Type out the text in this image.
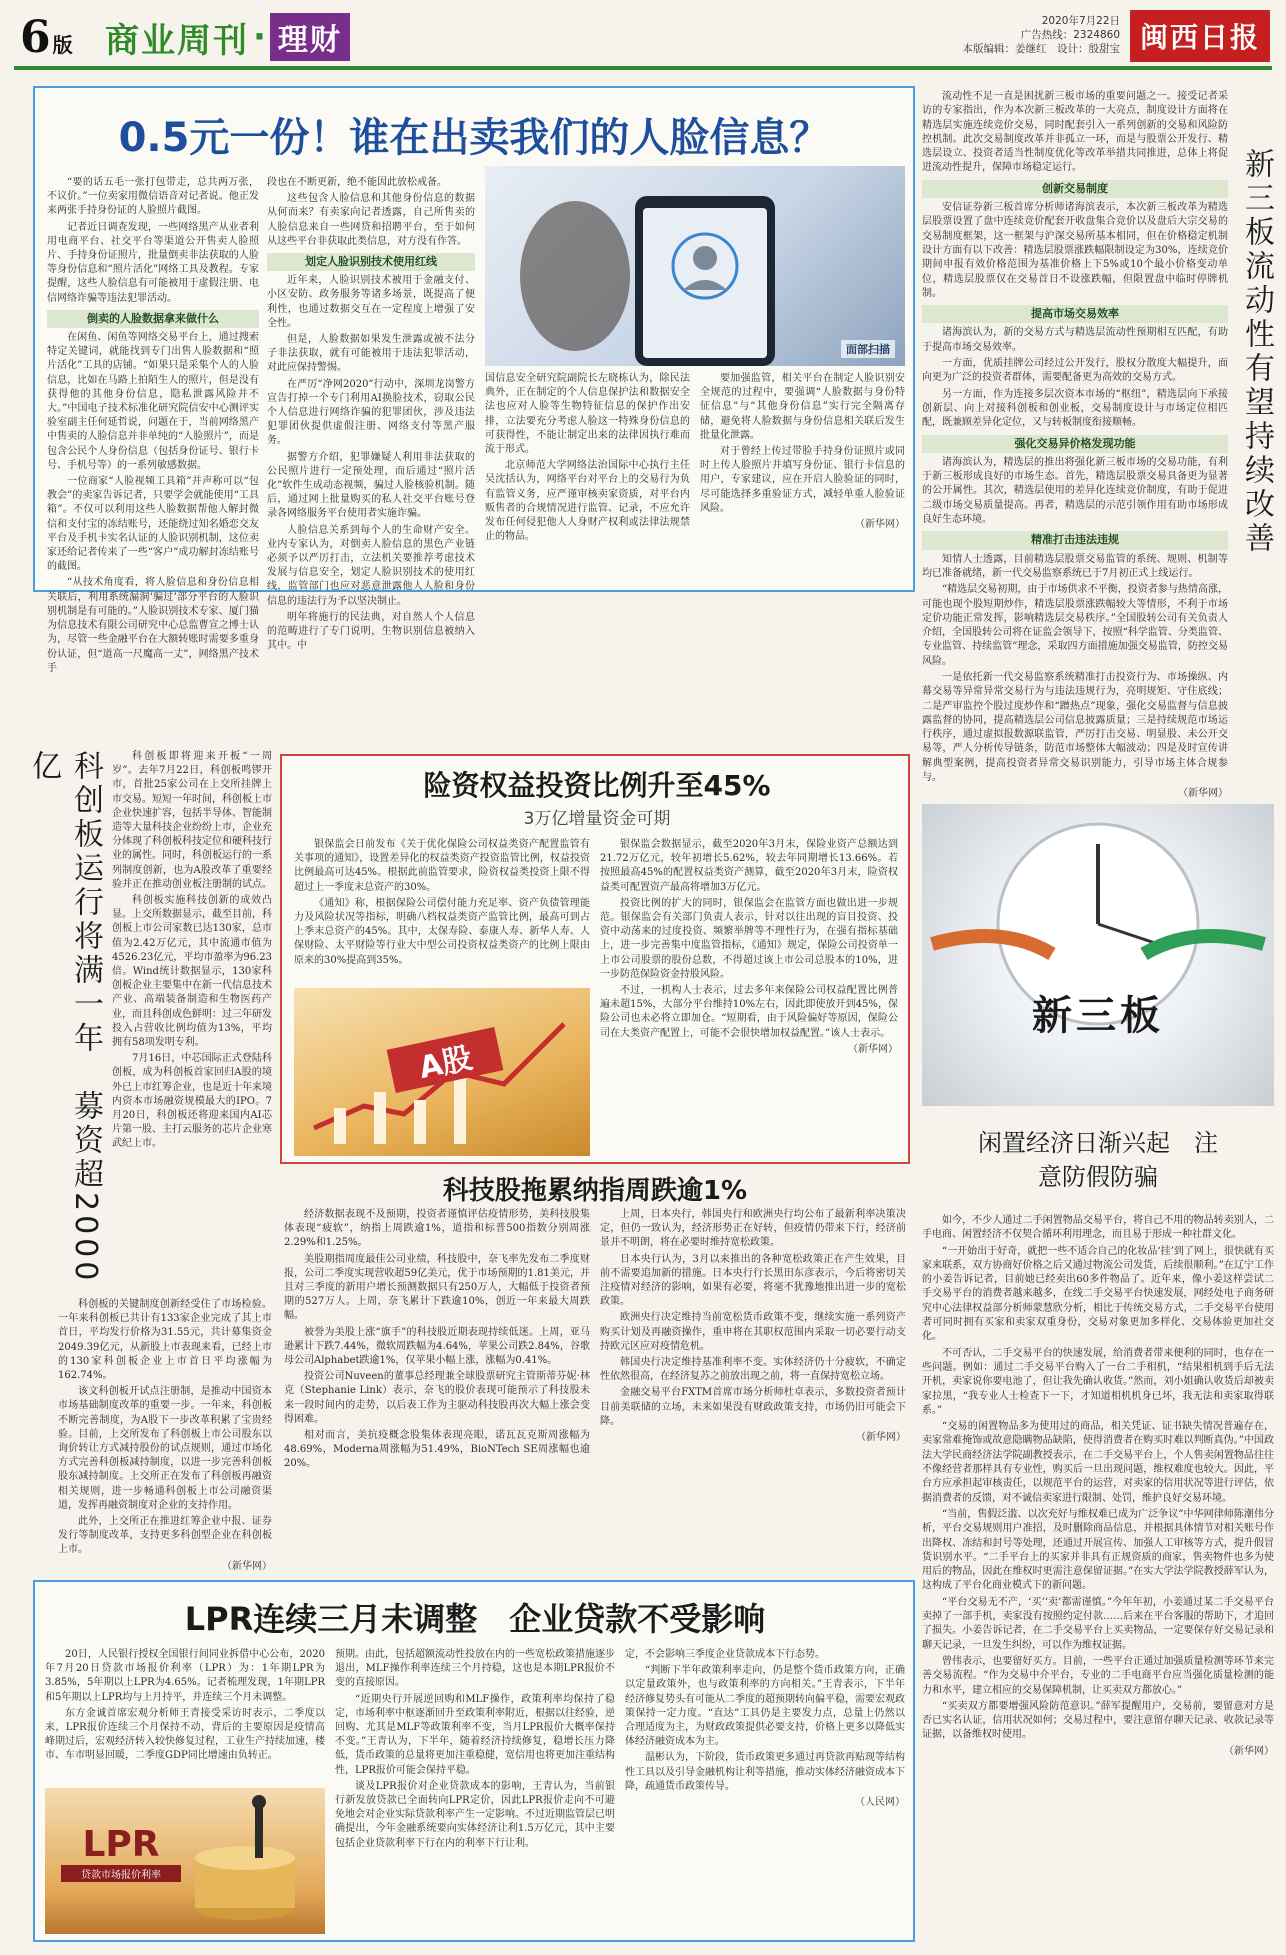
6 版 商业周刊 · 理财
2020年7月22日
广告热线：2324860
本版编辑：姜继红　设计：殷甜宝 闽西日报
0.5元一份！谁在出卖我们的人脸信息？

“要的话五毛一张打包带走，总共两万张，不议价。”一位卖家用微信语音对记者说。他正发来两张手持身份证的人脸照片截图。

记者近日调查发现，一些网络黑产从业者利用电商平台、社交平台等渠道公开售卖人脸照片、手持身份证照片，批量倒卖非法获取的人脸等身份信息和“照片活化”网络工具及教程。专家提醒，这些人脸信息有可能被用于虚假注册、电信网络诈骗等违法犯罪活动。

倒卖的人脸数据拿来做什么

在闲鱼、闲鱼等网络交易平台上，通过搜索特定关键词，就能找到专门出售人脸数据和“照片活化”工具的店铺。“如果只是采集个人的人脸信息，比如在马路上拍陌生人的照片，但是没有获得他的其他身份信息，隐私泄露风险并不大。”中国电子技术标准化研究院信安中心测评实验室副主任何延哲说，问题在于，当前网络黑产中售卖的人脸信息并非单纯的“人脸照片”，而是包含公民个人身份信息（包括身份证号、银行卡号、手机号等）的一系列敏感数据。

一位商家“人脸视频工具箱”并声称可以“包教会”的卖家告诉记者，只要学会就能使用“工具箱”。不仅可以利用这些人脸数据帮他人解封微信和支付宝的冻结账号，还能绕过知名婚恋交友平台及手机卡实名认证的人脸识别机制，这位卖家还给记者传来了一些“客户”成功解封冻结账号的截图。

“从技术角度看，将人脸信息和身份信息相关联后，利用系统漏洞‘骗过’部分平台的人脸识别机制是有可能的。”人脸识别技术专家、厦门猫为信息技术有限公司研究中心总监曹宣之博士认为，尽管一些金融平台在大额转账时需要多重身份认证，但“道高一尺魔高一丈”，网络黑产技术手

段也在不断更新，绝不能因此放松戒备。

这些包含人脸信息和其他身份信息的数据从何而来？有卖家向记者透露，自己所售卖的人脸信息来自一些网贷和招聘平台，至于如何从这些平台非获取此类信息，对方没有作答。

划定人脸识别技术使用红线

近年来，人脸识别技术被用于金融支付、小区安防、政务服务等诸多场景，既提高了便利性，也通过数据交互在一定程度上增强了安全性。

但是，人脸数据如果发生泄露或被不法分子非法获取，就有可能被用于违法犯罪活动，对此应保持警惕。

在严厉“净网2020”行动中，深圳龙岗警方宣告打掉一个专门利用AI换脸技术，窃取公民个人信息进行网络诈骗的犯罪团伙，涉及违法犯罪团伙提供虚假注册、网络支付等黑产服务。

据警方介绍，犯罪嫌疑人利用非法获取的公民照片进行一定预处理，而后通过“照片活化”软件生成动态视频，骗过人脸核验机制。随后，通过网上批量购买的私人社交平台账号登录各网络服务平台使用者实施诈骗。

人脸信息关系到每个人的生命财产安全。业内专家认为，对倒卖人脸信息的黑色产业链必须予以严厉打击，立法机关要推荐考虑技术发展与信息安全，划定人脸识别技术的使用红线，监管部门也应对恶意泄露他人人脸和身份信息的违法行为予以坚决制止。

明年将施行的民法典，对自然人个人信息的范畴进行了专门说明，生物识别信息被纳入其中。中

面部扫描

国信息安全研究院副院长左晓栋认为，除民法典外，正在制定的个人信息保护法和数据安全法也应对人脸等生物特征信息的保护作出安排，立法要充分考虑人脸这一特殊身份信息的可获得性，不能让制定出来的法律因执行难而流于形式。

北京师范大学网络法治国际中心执行主任吴沈括认为，网络平台对平台上的交易行为负有监管义务，应严谨审核卖家资质，对平台内贩售者的合规情况进行监管、记录，不应允许发布任何侵犯他人人身财产权利或法律法规禁止的物品。

要加强监管，相关平台在制定人脸识别安全规范的过程中，要强调“人脸数据与身份特征信息”与“其他身份信息”实行完全隔离存储，避免将人脸数据与身份信息相关联后发生批量化泄露。

对于曾经上传过带脸手持身份证照片或同时上传人脸照片并填写身份证、银行卡信息的用户，专家建议，应在开启人脸验证的同时，尽可能选择多重验证方式，减轻单重人脸验证风险。

（新华网）

流动性不足一直是困扰新三板市场的重要问题之一。接受记者采访的专家指出，作为本次新三板改革的一大亮点，制度设计方面将在精选层实施连续竞价交易，同时配套引入一系列创新的交易和风险防控机制。此次交易制度改革并非孤立一环，而是与股票公开发行、精选层设立、投资者适当性制度优化等改革举措共同推进，总体上将促进流动性提升，保障市场稳定运行。

创新交易制度

安信证券新三板首席分析师诸海滨表示，本次新三板改革为精选层股票设置了盘中连续竞价配套开收盘集合竞价以及盘后大宗交易的交易制度框架，这一框架与沪深交易所基本相同，但在价格稳定机制设计方面有以下改善：精选层股票涨跌幅限制设定为30%，连续竞价期间申报有效价格范围为基准价格上下5%或10个最小价格变动单位，精选层股票仅在交易首日不设涨跌幅，但限置盘中临时停牌机制。

提高市场交易效率

诸海滨认为，新的交易方式与精选层流动性预期相互匹配，有助于提高市场交易效率。

一方面，优质挂牌公司经过公开发行，股权分散度大幅提升，面向更为广泛的投资者群体，需要配备更为高效的交易方式。

另一方面，作为连接多层次资本市场的“枢纽”，精选层向下承接创新层、向上对接科创板和创业板，交易制度设计与市场定位相匹配，既兼顾差异化定位，又与转板制度衔接顺畅。

强化交易异价格发现功能

诸海滨认为，精选层的推出将强化新三板市场的交易功能，有利于新三板形成良好的市场生态。首先，精选层股票交易具备更为显著的公开属性。其次，精选层使用的差异化连续竞价制度，有助于促进二级市场交易质量提高。再者，精选层的示范引领作用有助市场形成良好生态环境。

精准打击违法违规

知情人士透露，目前精选层股票交易监管的系统、规则、机制等均已准备就绪，新一代交易监察系统已于7月初正式上线运行。

“精选层交易初期，由于市场供求不平衡，投资者参与热情高涨，可能也现个股短期炒作，精选层股票涨跌幅较大等情形，不利于市场定价功能正常发挥，影响精选层交易秩序。”全国股转公司有关负责人介绍，全国股转公司将在证监会领导下，按照“科学监管、分类监管、专业监管、持续监管”理念，采取四方面措施加强交易监管，防控交易风险。

一是依托新一代交易监察系统精准打击投资行为、市场操纵、内幕交易等异常异常交易行为与违法违规行为，亮明规矩、守住底线；二是严审监控个股过度炒作和“蹭热点”现象，强化交易监督与信息披露监督的协同，提高精选层公司信息披露质量；三是持续规范市场运行秩序，通过虚拟报数源联监管，严厉打击交易、明显股、未公开交易等，严人分析传导链条，防范市场整体大幅波动；四是及时宣传讲解典型案例，提高投资者异常交易识别能力，引导市场主体合规参与。

（新华网）
新三板流动性有望持续改善
新三板
科创板运行将满一年　募资超2000亿	科创板即将迎来开板“一周岁”。去年7月22日，科创板鸣锣开市，首批25家公司在上交所挂牌上市交易。短短一年时间，科创板上市企业快速扩容，包括半导体、智能制造等大量科技企业纷纷上市，企业充分体现了科创板科技定位和硬科技行业的属性。同时，科创板运行的一系列制度创新，也为A股改革了重要经验并正在推动创业板注册制的试点。

科创板实施科技创新的成效凸显。上交所数据显示，截至目前，科创板上市公司家数已达130家，总市值为2.42万亿元，其中流通市值为4526.23亿元，平均市盈率为96.23倍。Wind统计数据显示，130家科创板企业主要集中在新一代信息技术产业、高端装备制造和生物医药产业，而且科创成色鲜明：过三年研发投入占营收比例均值为13%，平均拥有58项发明专利。

7月16日，中芯国际正式登陆科创板，成为科创板首家回归A股的境外已上市红筹企业，也是近十年来境内资本市场融资规模最大的IPO。7月20日，科创板还将迎来国内AI芯片第一股、主打云服务的芯片企业寒武纪上市。

科创板的关键制度创新经受住了市场检验。一年来科创板已共计有133家企业完成了其上市首日，平均发行价格为31.55元，共计募集资金2049.39亿元，从新股上市表现来看，已经上市的130家科创板企业上市首日平均涨幅为162.74%。

该文科创板开试点注册制，是推动中国资本市场基础制度改革的重要一步。一年来，科创板不断完善制度，为A股下一步改革积累了宝贵经验。目前，上交所发布了科创板上市公司股东以询价转让方式减持股份的试点规则，通过市场化方式完善科创板减持制度，以进一步完善科创板股东减持制度。上交所正在发布了科创板再融资相关规则，进一步畅通科创板上市公司融资渠道，发挥再融资制度对企业的支持作用。

此外，上交所正在推进红筹企业中报、证券发行等制度改革，支持更多科创型企业在科创板上市。

（新华网）
险资权益投资比例升至45%
3万亿增量资金可期

银保监会日前发布《关于优化保险公司权益类资产配置监管有关事项的通知》，设置差异化的权益类资产投资监管比例，权益投资比例最高可达45%。根据此前监管要求，险资权益类投资上限不得超过上一季度末总资产的30%。

《通知》称，根据保险公司偿付能力充足率、资产负债管理能力及风险状况等指标，明确八档权益类资产监管比例，最高可到占上季末总资产的45%。其中，太保寿险、泰康人寿、新华人寿、人保财险、太平财险等行业大中型公司投资权益类资产的比例上限由原来的30%提高到35%。

A股

银保监会数据显示，截至2020年3月末，保险业资产总额达到21.72万亿元，较年初增长5.62%，较去年同期增长13.66%。若按照最高45%的配置权益类资产测算，截至2020年3月末，险资权益类可配置资产最高将增加3万亿元。

投资比例的扩大的同时，银保监会在监管方面也做出进一步规范。银保监会有关部门负责人表示，针对以往出现的盲目投资、投资中动荡来的过度投资、频繁举牌等不理性行为，在强有指标基础上，进一步完善集中度监管指标，《通知》规定，保险公司投资单一上市公司股票的股份总数，不得超过该上市公司总股本的10%，进一步防范保险资金持股风险。

不过，一机构人士表示，过去多年来保险公司权益配置比例普遍未超15%，大部分平台维持10%左右，因此即使放开到45%，保险公司也未必将立即加仓。“短期看，由于风险偏好等原因，保险公司在大类资产配置上，可能不会很快增加权益配置。”该人士表示。

（新华网）
科技股拖累纳指周跌逾1%

经济数据表现不及预期，投资者谨慎评估疫情形势，美科技股集体表现“疲软”，纳指上周跌逾1%，道指和标普500指数分别周涨2.29%和1.25%。

美股期指周度最佳公司业绩，科技股中，奈飞率先发布二季度财报，公司二季度实现营收超59亿美元，优于市场预期的1.81美元，并且对三季度的新用户增长预测数据只有250万人，大幅低于投资者预期的527万人。上周，奈飞累计下跌逾10%，创近一年来最大周跌幅。

被誉为美股上涨“旗手”的科技股近期表现持续低迷。上周，亚马逊累计下跌7.44%，微软周跌幅为4.64%，苹果公司跌2.84%，谷歌母公司Alphabet跌逾1%，仅苹果小幅上涨，涨幅为0.41%。

投资公司Nuveen的董事总经理兼全球股票研究主管斯蒂芬妮·林克（Stephanie Link）表示，奈飞的股价表现可能预示了科技股未来一段时间内的走势，以后表工作为主驱动科技股再次大幅上涨会变得困难。

相对而言，美抗疫概念股集体表现亮眼，诺瓦瓦克斯周涨幅为48.69%，Moderna周涨幅为51.49%，BioNTech SE周涨幅也逾20%。

上周，日本央行，韩国央行和欧洲央行均公布了最新利率决策决定，但仍一致认为，经济形势正在好转，但疫情仍带来下行，经济前景并不明朗，将在必要时维持宽松政策。

日本央行认为，3月以来推出的各种宽松政策正在产生效果，目前不需要追加新的措施。日本央行行长黑田东彦表示，今后将密切关注疫情对经济的影响，如果有必要，将毫不犹豫地推出进一步的宽松政策。

欧洲央行决定维持当前宽松货币政策不变，继续实施一系列资产购买计划及再融资操作，重申将在其职权范围内采取一切必要行动支持欧元区应对疫情危机。

韩国央行决定维持基准利率不变。实体经济仍十分疲软，不确定性依然很高，在经济复苏之前放出现之前，将一直保持宽松立场。

金融交易平台FXTM首席市场分析师杜卓表示，多数投资者预计目前美联储的立场，未来如果没有财政政策支持，市场仍旧可能会下降。

（新华网）
闲置经济日渐兴起　注意防假防骗

如今，不少人通过二手闲置物品交易平台，将自己不用的物品转卖别人，二手电商、闲置经济不仅契合循环利用理念，而且易于形成一种社群文化。

“一开始出于好奇，就把一些不适合自己的化妆品‘挂’到了网上，很快就有买家来联系，双方协商好价格之后又通过物流公司发货，后续很顺利。”在辽宁工作的小姜告诉记者，目前她已经卖出60多件物品了。近年来，像小姜这样尝试二手交易平台的消费者越来越多，在线二手交易平台快速发展，网经处电子商务研究中心法律权益部分析师蒙慧欣分析，相比于传统交易方式，二手交易平台使用者可同时拥有买家和卖家双重身份，交易对象更加多样化、交易体验更加社交化。

不可否认，二手交易平台的快速发展，给消费者带来便利的同时，也存在一些问题。例如：通过二手交易平台购入了一台二手相机，“结果相机到手后无法开机，卖家说你要电池了，但让我先确认收货。”然而，刘小姐确认收货后却被卖家拉黑，“我专业人士检查下一下，才知道相机机身已坏，我无法和卖家取得联系。”

“交易的闲置物品多为使用过的商品，相关凭证、证书缺失情况普遍存在，卖家常难掩饰或故意隐瞒物品缺陷，使得消费者在购买时难以判断真伪。”中国政法大学民商经济法学院副教授表示，在二手交易平台上，个人售卖闲置物品往往不像经营者那样具有专业性，购买后一旦出现问题，维权难度也较大。因此，平台方应承担起审核责任，以规范平台的运营，对卖家的信用状况等进行评估，依据消费者的反馈，对不诚信卖家进行限制、处罚，维护良好交易环境。

“当前，售假泛滥、以次充好与维权难已成为广泛争议”中华网律师陈潮伟分析，平台交易规则用户准招，及时删除商品信息，并根据具体情节对相关账号作出降权、冻结和封号等处理，还通过开展宣传、加强人工审核等方式，提升假冒货识别水平。“二手平台上的买家并非具有正规资质的商家，售卖物件也多为使用后的物品，因此在维权时更需注意保留证据。”在实大学法学院教授薛军认为，这构成了平台化商业模式下的新问题。

“平台交易无不产，‘买’‘卖’都需谨慎。”今年年初，小姜通过某二手交易平台卖掉了一部手机，卖家没有按照约定付款……后来在平台客服的帮助下，才追回了损失。小姜告诉记者，在二手交易平台上买卖物品，一定要保存好交易记录和聊天记录，一旦发生纠纷，可以作为维权证据。

曾伟表示，也要留好买方。目前，一些平台正通过加强质量检测等环节来完善交易流程。“作为交易中介平台，专业的二手电商平台应当强化质量检测的能力和水平，建立相应的交易保障机制，让买卖双方都放心。”

“买卖双方都要增强风险防范意识。”薛军提醒用户，交易前，要留意对方是否已实名认证，信用状况如何；交易过程中，要注意留存聊天记录、收款记录等证据，以备维权时使用。

（新华网）
LPR连续三月未调整　企业贷款不受影响

20日，人民银行授权全国银行间同业拆借中心公布，2020年7月20日贷款市场报价利率（LPR）为：1年期LPR为3.85%，5年期以上LPR为4.65%。记者梳理发现，1年期LPR和5年期以上LPR均与上月持平，并连续三个月未调整。

东方金诚首席宏观分析师王青接受采访时表示，二季度以来，LPR报价连续三个月保持不动，背后的主要原因是疫情高峰期过后，宏观经济转入较快修复过程，工业生产持续加速，楼市、车市明显回暖，二季度GDP同比增速由负转正。

LPR
贷款市场报价利率

预期。由此，包括超额流动性投放在内的一些宽松政策措施逐步退出，MLF操作利率连续三个月持稳，这也是本期LPR报价不变的直接原因。

“近期央行开展逆回购和MLF操作，政策利率均保持了稳定，市场利率中枢逐渐回升至政策利率附近，根据以往经验，逆回购、尤其是MLF等政策利率不变，当月LPR报价大概率保持不变。”王青认为，下半年，随着经济持续修复，稳增长压力降低，货币政策的总量将更加注重稳健，宽信用也将更加注重结构性，LPR报价可能会保持平稳。

谈及LPR报价对企业贷款成本的影响，王青认为，当前银行新发放贷款已全面转向LPR定价，因此LPR报价走向不可避免地会对企业实际贷款利率产生一定影响。不过近期监管层已明确提出，今年金融系统要向实体经济让利1.5万亿元，其中主要包括企业贷款利率下行在内的利率下行让利。

定，不会影响三季度企业贷款成本下行态势。

“判断下半年政策利率走向，仍是整个货币政策方向，正确以定量政策外，也与政策利率的方向相关。”王青表示，下半年经济修复势头有可能从二季度的超预期转向偏平稳，需要宏观政策保持一定力度。“直达”工具仍是主要发力点，总量上仍然以合理适度为主，为财政政策提供必要支持，价格上更多以降低实体经济融资成本为主。

温彬认为，下阶段，货币政策更多通过再贷款再贴现等结构性工具以及引导金融机构让利等措施，推动实体经济融资成本下降，疏通货币政策传导。

（人民网）
